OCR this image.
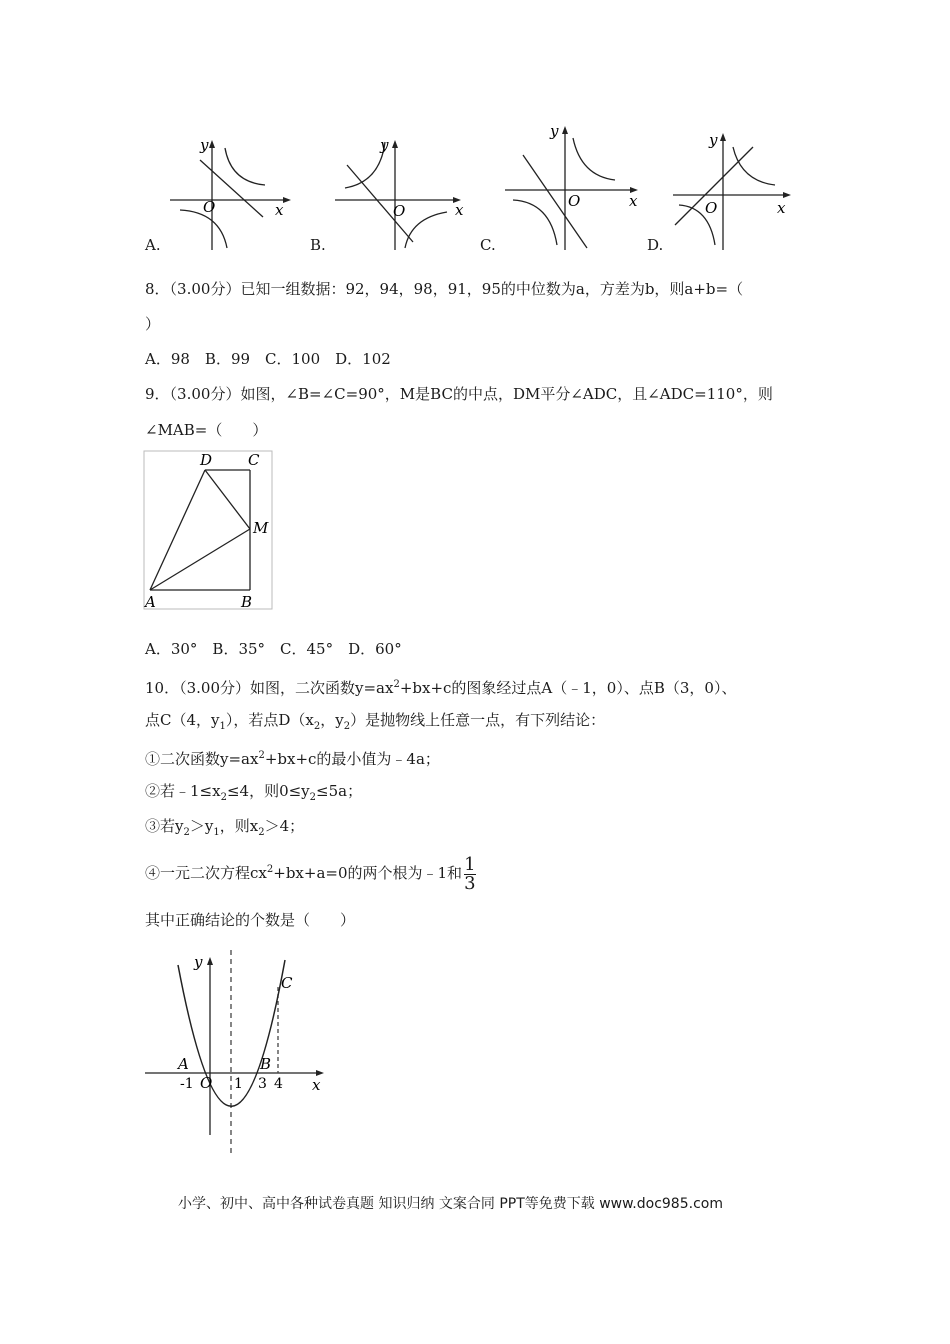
y
x
O
A.
y
x
O
B.
y
x
O
C.
y
x
O
D.
8．（3.00分）已知一组数据：92，94，98，91，95的中位数为a，方差为b，则a+b=（
）
A．98　B．99　C．100　D．102
9．（3.00分）如图，∠B=∠C=90°，M是BC的中点，DM平分∠ADC，且∠ADC=110°，则
∠MAB=（　　）
D C
M
A	B
A．30°　B．35°　C．45°　D．60°
10．（3.00分）如图，二次函数$y=ax^2+bx+c$的图象经过点A（﹣1，0）、点B（3，0）、
点C（4，$y_1$），若点$D(x_2$，$y_2$）是抛物线上任意一点，有下列结论：
①二次函数$y=ax^2+bx+c$的最小值为﹣4a；
②若$﹣1\le x_2\le 4$，则$0\le y_2\le 5a$；
③若$y_2>y_1$，则$x_2>4$；
④一元二次方程$cx^2+bx+a=0$的两个根为﹣1和 $\frac{1}{3}$
其中正确结论的个数是（　　）
y
x
C
A	B
O
-1	1 3 4
小学、初中、高中各种试卷真题 知识归纳 文案合同 PPT等免费下载 www.doc985.com
